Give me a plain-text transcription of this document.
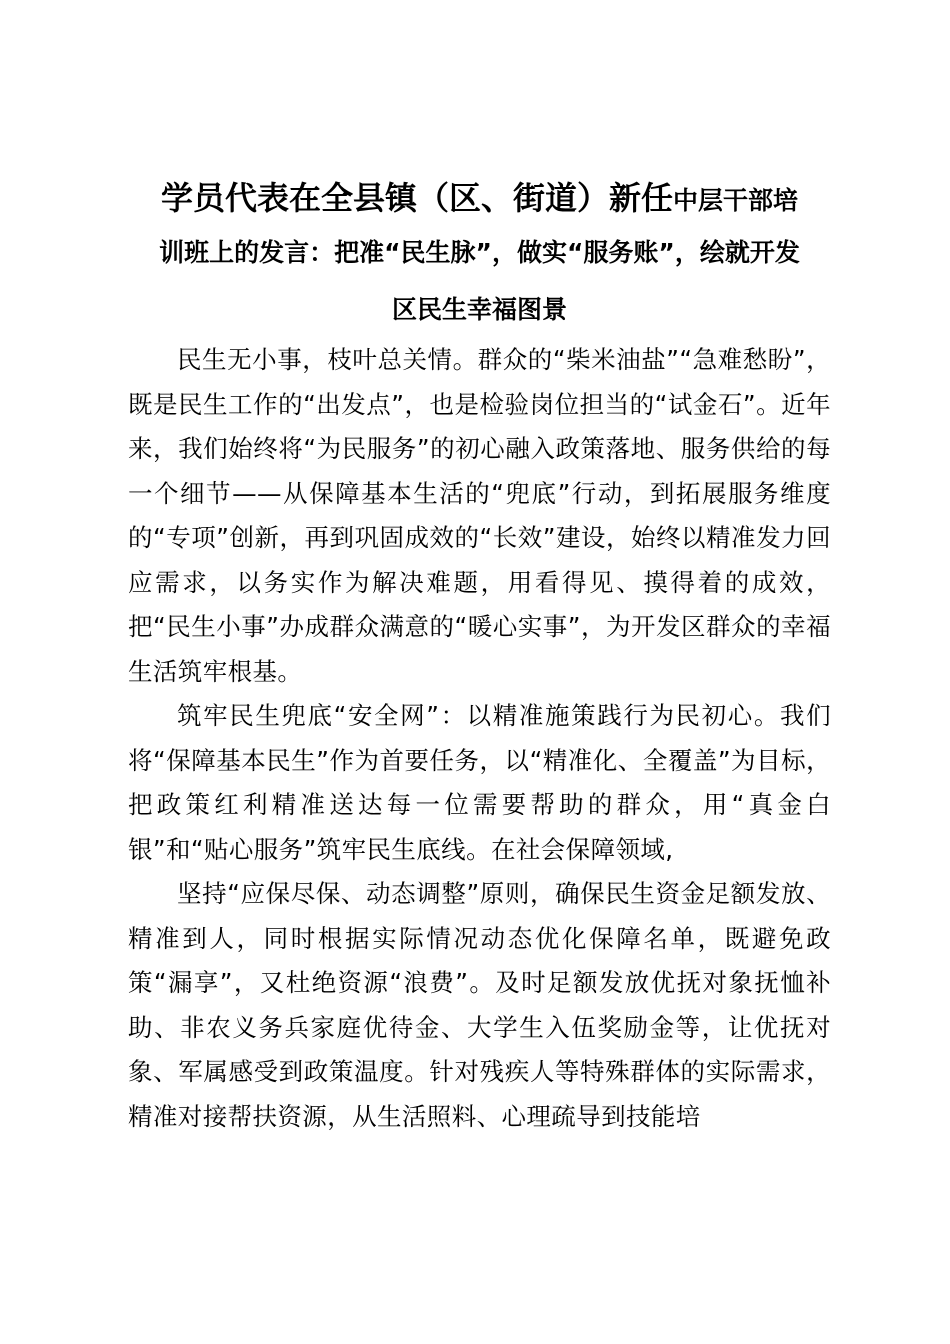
学员代表在全县镇（区、街道）新任中层干部培
训班上的发言：把准“民生脉”，做实“服务账”，绘就开发
区民生幸福图景

民生无小事，枝叶总关情。群众的“柴米油盐”“急难愁盼”，既是民生工作的“出发点”，也是检验岗位担当的“试金石”。近年来，我们始终将“为民服务”的初心融入政策落地、服务供给的每一个细节——从保障基本生活的“兜底”行动，到拓展服务维度的“专项”创新，再到巩固成效的“长效”建设，始终以精准发力回应需求，以务实作为解决难题，用看得见、摸得着的成效，把“民生小事”办成群众满意的“暖心实事”，为开发区群众的幸福生活筑牢根基。

筑牢民生兜底“安全网”：以精准施策践行为民初心。我们将“保障基本民生”作为首要任务，以“精准化、全覆盖”为目标，把政策红利精准送达每一位需要帮助的群众，用“真金白银”和“贴心服务”筑牢民生底线。在社会保障领域,

坚持“应保尽保、动态调整”原则，确保民生资金足额发放、精准到人，同时根据实际情况动态优化保障名单，既避免政策“漏享”，又杜绝资源“浪费”。及时足额发放优抚对象抚恤补助、非农义务兵家庭优待金、大学生入伍奖励金等，让优抚对象、军属感受到政策温度。针对残疾人等特殊群体的实际需求，精准对接帮扶资源，从生活照料、心理疏导到技能培
